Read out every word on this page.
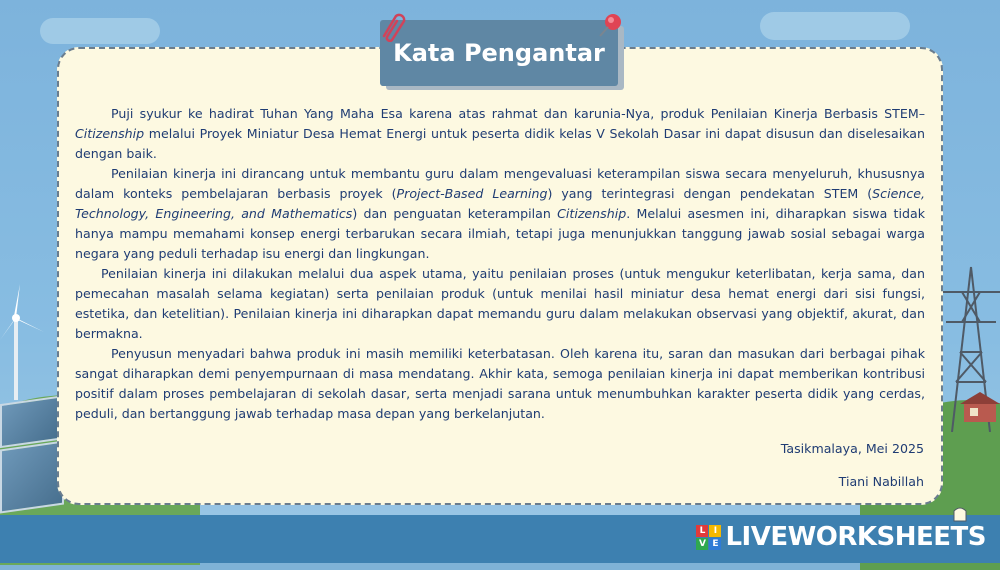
Kata Pengantar

Puji syukur ke hadirat Tuhan Yang Maha Esa karena atas rahmat dan karunia-Nya, produk Penilaian Kinerja Berbasis STEM–Citizenship melalui Proyek Miniatur Desa Hemat Energi untuk peserta didik kelas V Sekolah Dasar ini dapat disusun dan diselesaikan dengan baik.

Penilaian kinerja ini dirancang untuk membantu guru dalam mengevaluasi keterampilan siswa secara menyeluruh, khususnya dalam konteks pembelajaran berbasis proyek (Project-Based Learning) yang terintegrasi dengan pendekatan STEM (Science, Technology, Engineering, and Mathematics) dan penguatan keterampilan Citizenship. Melalui asesmen ini, diharapkan siswa tidak hanya mampu memahami konsep energi terbarukan secara ilmiah, tetapi juga menunjukkan tanggung jawab sosial sebagai warga negara yang peduli terhadap isu energi dan lingkungan.

Penilaian kinerja ini dilakukan melalui dua aspek utama, yaitu penilaian proses (untuk mengukur keterlibatan, kerja sama, dan pemecahan masalah selama kegiatan) serta penilaian produk (untuk menilai hasil miniatur desa hemat energi dari sisi fungsi, estetika, dan ketelitian). Penilaian kinerja ini diharapkan dapat memandu guru dalam melakukan observasi yang objektif, akurat, dan bermakna.

Penyusun menyadari bahwa produk ini masih memiliki keterbatasan. Oleh karena itu, saran dan masukan dari berbagai pihak sangat diharapkan demi penyempurnaan di masa mendatang. Akhir kata, semoga penilaian kinerja ini dapat memberikan kontribusi positif dalam proses pembelajaran di sekolah dasar, serta menjadi sarana untuk menumbuhkan karakter peserta didik yang cerdas, peduli, dan bertanggung jawab terhadap masa depan yang berkelanjutan.

Tasikmalaya, Mei 2025
Tiani Nabillah
L I
V E LIVEWORKSHEETS
